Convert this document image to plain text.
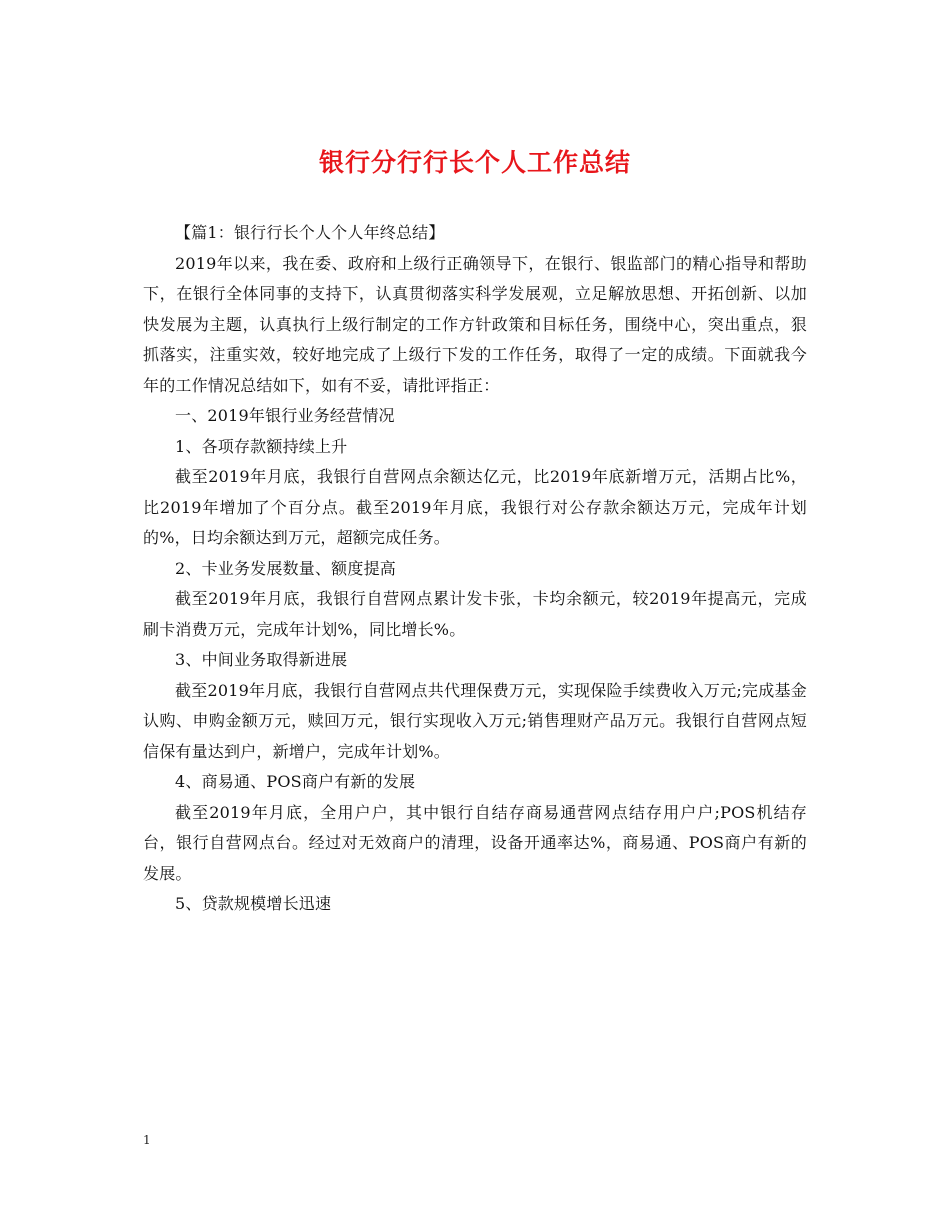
银行分行行长个人工作总结

【篇1：银行行长个人个人年终总结】

2019年以来，我在委、政府和上级行正确领导下，在银行、银监部门的精心指导和帮助下，在银行全体同事的支持下，认真贯彻落实科学发展观，立足解放思想、开拓创新、以加快发展为主题，认真执行上级行制定的工作方针政策和目标任务，围绕中心，突出重点，狠抓落实，注重实效，较好地完成了上级行下发的工作任务，取得了一定的成绩。下面就我今年的工作情况总结如下，如有不妥，请批评指正：

一、2019年银行业务经营情况

1、各项存款额持续上升

截至2019年月底，我银行自营网点余额达亿元，比2019年底新增万元，活期占比%，比2019年增加了个百分点。截至2019年月底，我银行对公存款余额达万元，完成年计划的%，日均余额达到万元，超额完成任务。

2、卡业务发展数量、额度提高

截至2019年月底，我银行自营网点累计发卡张，卡均余额元，较2019年提高元，完成刷卡消费万元，完成年计划%，同比增长%。

3、中间业务取得新进展

截至2019年月底，我银行自营网点共代理保费万元，实现保险手续费收入万元;完成基金认购、申购金额万元，赎回万元，银行实现收入万元;销售理财产品万元。我银行自营网点短信保有量达到户，新增户，完成年计划%。

4、商易通、POS商户有新的发展

截至2019年月底，全用户户，其中银行自结存商易通营网点结存用户户;POS机结存台，银行自营网点台。经过对无效商户的清理，设备开通率达%，商易通、POS商户有新的发展。

5、贷款规模增长迅速

1
